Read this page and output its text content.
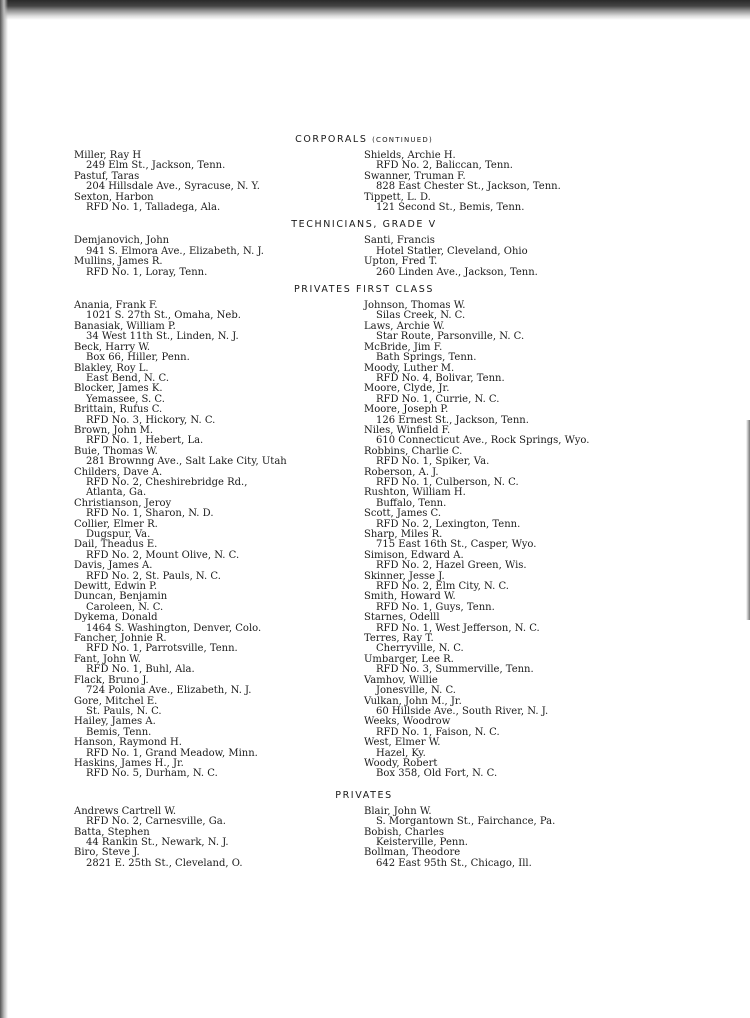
CORPORALS (CONTINUED)
Miller, Ray H
249 Elm St., Jackson, Tenn.
Pastuf, Taras
204 Hillsdale Ave., Syracuse, N. Y.
Sexton, Harbon
RFD No. 1, Talladega, Ala.
Shields, Archie H.
RFD No. 2, Baliccan, Tenn.
Swanner, Truman F.
828 East Chester St., Jackson, Tenn.
Tippett, L. D.
121 Second St., Bemis, Tenn.
TECHNICIANS, GRADE V
Demjanovich, John
941 S. Elmora Ave., Elizabeth, N. J.
Mullins, James R.
RFD No. 1, Loray, Tenn.
Santi, Francis
Hotel Statler, Cleveland, Ohio
Upton, Fred T.
260 Linden Ave., Jackson, Tenn.
PRIVATES FIRST CLASS
Anania, Frank F.
1021 S. 27th St., Omaha, Neb.
Banasiak, William P.
34 West 11th St., Linden, N. J.
Beck, Harry W.
Box 66, Hiller, Penn.
Blakley, Roy L.
East Bend, N. C.
Blocker, James K.
Yemassee, S. C.
Brittain, Rufus C.
RFD No. 3, Hickory, N. C.
Brown, John M.
RFD No. 1, Hebert, La.
Buie, Thomas W.
281 Brownng Ave., Salt Lake City, Utah
Childers, Dave A.
RFD No. 2, Cheshirebridge Rd.,
Atlanta, Ga.
Christianson, Jeroy
RFD No. 1, Sharon, N. D.
Collier, Elmer R.
Dugspur, Va.
Dail, Theadus E.
RFD No. 2, Mount Olive, N. C.
Davis, James A.
RFD No. 2, St. Pauls, N. C.
Dewitt, Edwin P.
Duncan, Benjamin
Caroleen, N. C.
Dykema, Donald
1464 S. Washington, Denver, Colo.
Fancher, Johnie R.
RFD No. 1, Parrotsville, Tenn.
Fant, John W.
RFD No. 1, Buhl, Ala.
Flack, Bruno J.
724 Polonia Ave., Elizabeth, N. J.
Gore, Mitchel E.
St. Pauls, N. C.
Hailey, James A.
Bemis, Tenn.
Hanson, Raymond H.
RFD No. 1, Grand Meadow, Minn.
Haskins, James H., Jr.
RFD No. 5, Durham, N. C.
Johnson, Thomas W.
Silas Creek, N. C.
Laws, Archie W.
Star Route, Parsonville, N. C.
McBride, Jim F.
Bath Springs, Tenn.
Moody, Luther M.
RFD No. 4, Bolivar, Tenn.
Moore, Clyde, Jr.
RFD No. 1, Currie, N. C.
Moore, Joseph P.
126 Ernest St., Jackson, Tenn.
Niles, Winfield F.
610 Connecticut Ave., Rock Springs, Wyo.
Robbins, Charlie C.
RFD No. 1, Spiker, Va.
Roberson, A. J.
RFD No. 1, Culberson, N. C.
Rushton, William H.
Buffalo, Tenn.
Scott, James C.
RFD No. 2, Lexington, Tenn.
Sharp, Miles R.
715 East 16th St., Casper, Wyo.
Simison, Edward A.
RFD No. 2, Hazel Green, Wis.
Skinner, Jesse J.
RFD No. 2, Elm City, N. C.
Smith, Howard W.
RFD No. 1, Guys, Tenn.
Starnes, Odelll
RFD No. 1, West Jefferson, N. C.
Terres, Ray T.
Cherryville, N. C.
Umbarger, Lee R.
RFD No. 3, Summerville, Tenn.
Vamhov, Willie
Jonesville, N. C.
Vulkan, John M., Jr.
60 Hillside Ave., South River, N. J.
Weeks, Woodrow
RFD No. 1, Faison, N. C.
West, Elmer W.
Hazel, Ky.
Woody, Robert
Box 358, Old Fort, N. C.
PRIVATES
Andrews Cartrell W.
RFD No. 2, Carnesville, Ga.
Batta, Stephen
44 Rankin St., Newark, N. J.
Biro, Steve J.
2821 E. 25th St., Cleveland, O.
Blair, John W.
S. Morgantown St., Fairchance, Pa.
Bobish, Charles
Keisterville, Penn.
Bollman, Theodore
642 East 95th St., Chicago, Ill.
